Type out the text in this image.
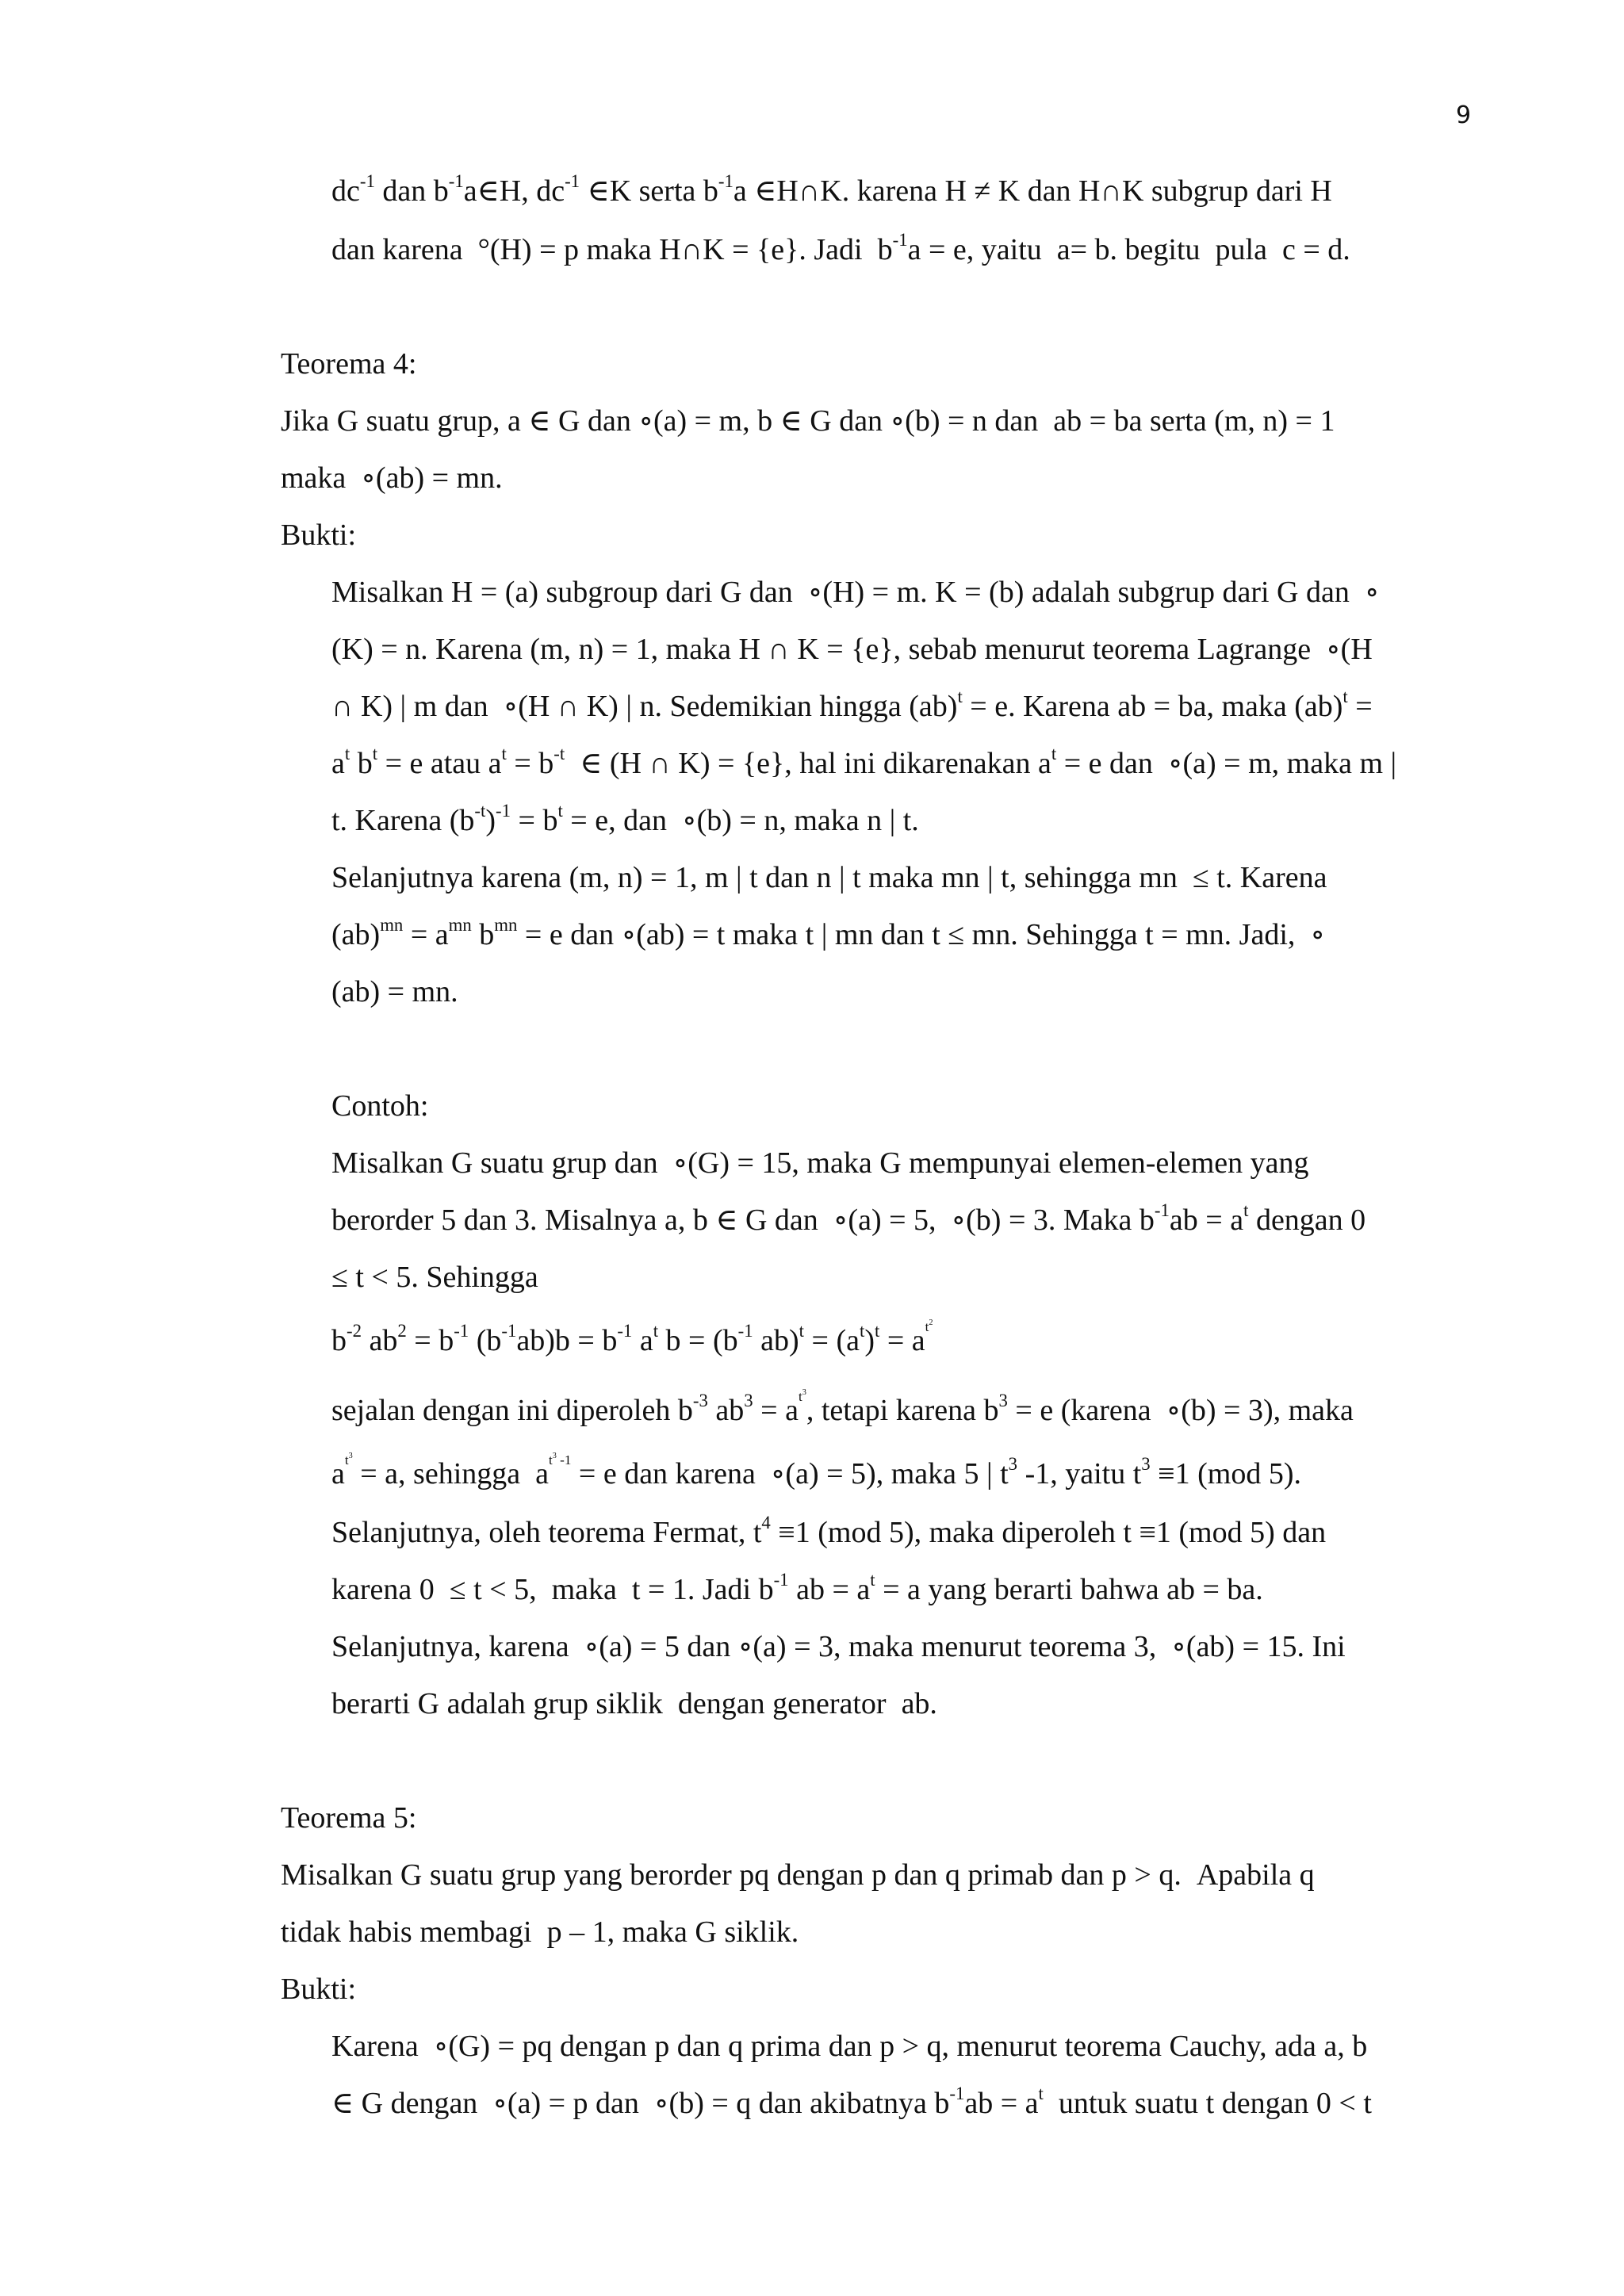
9
$dc^{-1}$ dan $b^{-1}a\in H$, $dc^{-1}$ ∈K serta $b^{-1}a$ ∈H∩K. karena H ≠ K dan H∩K subgrup dari H
dan karena  °(H) = p maka H∩K = {e}. Jadi  $b^{-1}a = e$, yaitu  a= b. begitu  pula  c = d.
Teorema 4:
Jika G suatu grup, a ∈ G dan ∘(a) = m, b ∈ G dan ∘(b) = n dan  ab = ba serta (m, n) = 1
maka  ∘(ab) = mn.
Bukti:
Misalkan H = (a) subgroup dari G dan  ∘(H) = m. K = (b) adalah subgrup dari G dan  ∘
(K) = n. Karena (m, n) = 1, maka H ∩ K = {e}, sebab menurut teorema Lagrange  ∘(H
∩ K) | m dan  ∘(H ∩ K) | n. Sedemikian hingga (ab)$^t$ = e. Karena ab = ba, maka (ab)$^t$ =
$a^t$ $b^t = e$ atau $a^t = b^{-t}$  ∈ (H ∩ K) = {e}, hal ini dikarenakan $a^t = e$ dan  ∘(a) = m, maka m |
t. Karena $(b^{-t})^{-1} = b^t = e$, dan  ∘(b) = n, maka n | t.
Selanjutnya karena (m, n) = 1, m | t dan n | t maka mn | t, sehingga mn  ≤ t. Karena
$(ab)^{mn} = a^{mn}$ $b^{mn} = e$ dan ∘(ab) = t maka t | mn dan t ≤ mn. Sehingga t = mn. Jadi,  ∘
(ab) = mn.
Contoh:
Misalkan G suatu grup dan  ∘(G) = 15, maka G mempunyai elemen-elemen yang
berorder 5 dan 3. Misalnya a, b ∈ G dan  ∘(a) = 5,  ∘(b) = 3. Maka $b^{-1}ab = a^t$ dengan 0
≤ t < 5. Sehingga
$b^{-2}$ $ab^2 = b^{-1}$ $(b^{-1}ab)b = b^{-1}$ $a^t$ $b = (b^{-1}$ $ab)^t = (a^t)^t = a^{t^2}$
sejalan dengan ini diperoleh $b^{-3}$ $ab^3 = a^{t^3}$, tetapi karena $b^3 = e$ (karena  ∘(b) = 3), maka
$a^{t^3} = a$, sehingga  $a^{t^3 -1} = e$ dan karena  ∘(a) = 5), maka 5 | $t^3$ -1, yaitu $t^3 \equiv 1$ (mod 5).
Selanjutnya, oleh teorema Fermat, $t^4 \equiv 1$ (mod 5), maka diperoleh t ≡1 (mod 5) dan
karena 0  ≤ t < 5,  maka  t = 1. Jadi $b^{-1}$ ab = $a^t = a$ yang berarti bahwa ab = ba.
Selanjutnya, karena  ∘(a) = 5 dan ∘(a) = 3, maka menurut teorema 3,  ∘(ab) = 15. Ini
berarti G adalah grup siklik  dengan generator  ab.
Teorema 5:
Misalkan G suatu grup yang berorder pq dengan p dan q primab dan p > q.  Apabila q
tidak habis membagi  p – 1, maka G siklik.
Bukti:
Karena  ∘(G) = pq dengan p dan q prima dan p > q, menurut teorema Cauchy, ada a, b
∈ G dengan  ∘(a) = p dan  ∘(b) = q dan akibatnya $b^{-1}ab = a^t$  untuk suatu t dengan 0 < t
